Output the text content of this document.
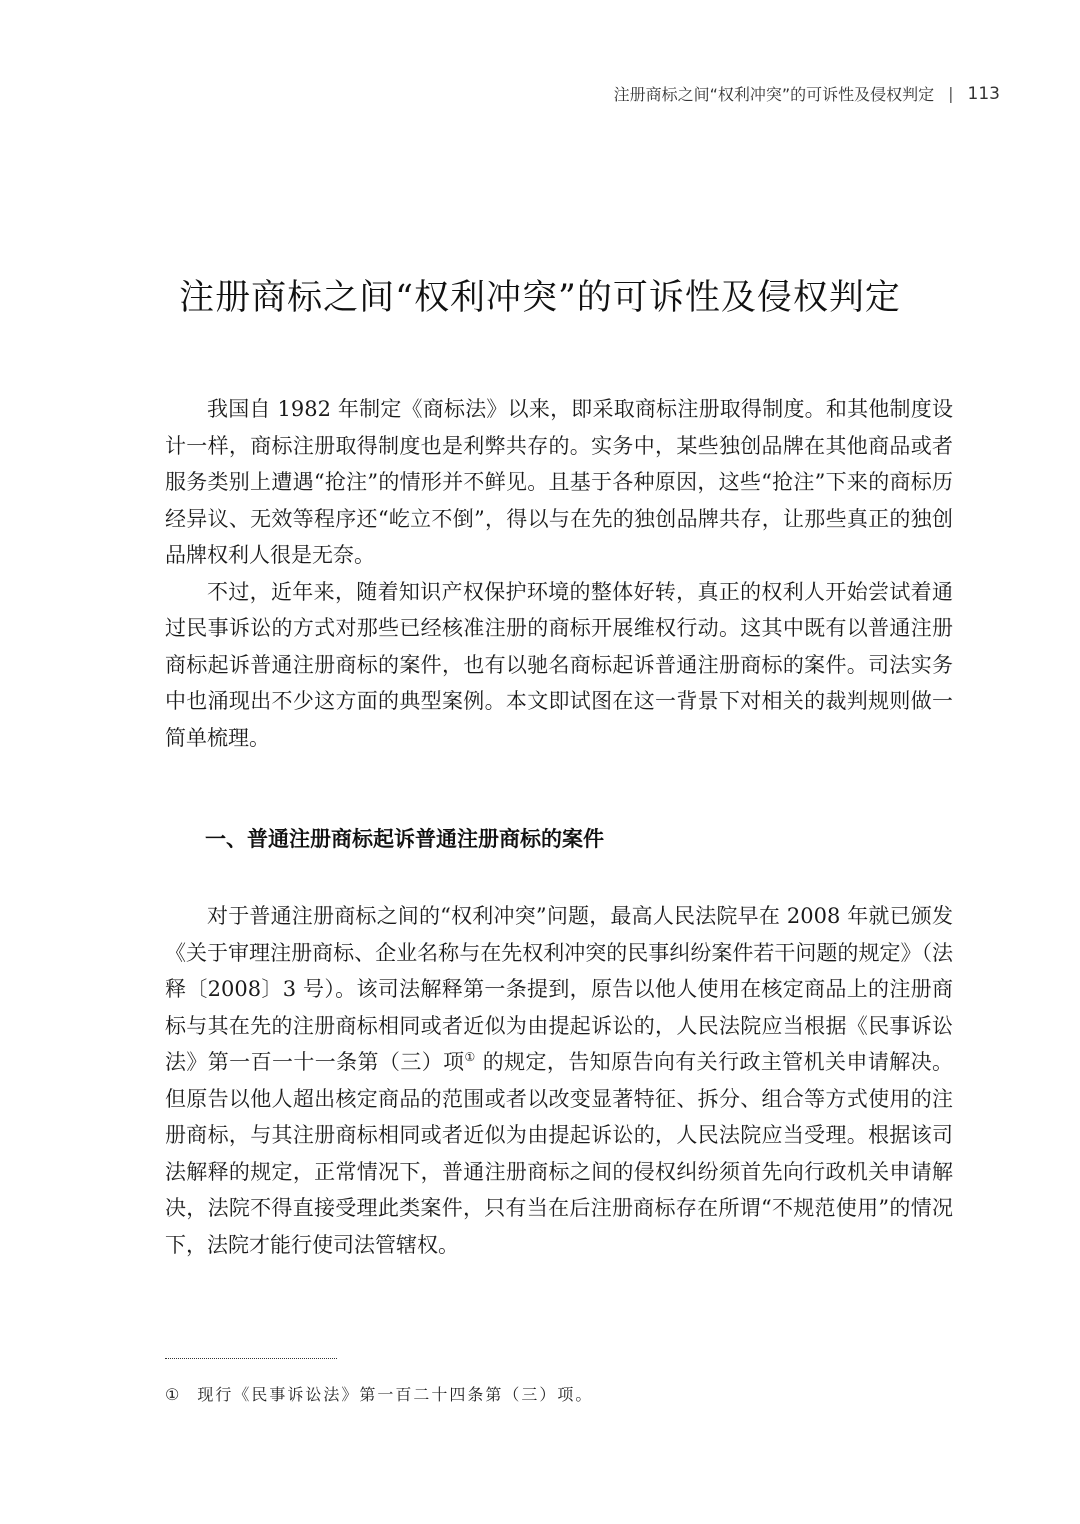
注册商标之间“权利冲突”的可诉性及侵权判定 | 113
注册商标之间“权利冲突”的可诉性及侵权判定

我国自 1982 年制定《商标法》以来，即采取商标注册取得制度。和其他制度设计一样，商标注册取得制度也是利弊共存的。实务中，某些独创品牌在其他商品或者服务类别上遭遇“抢注”的情形并不鲜见。且基于各种原因，这些“抢注”下来的商标历经异议、无效等程序还“屹立不倒”，得以与在先的独创品牌共存，让那些真正的独创品牌权利人很是无奈。

不过，近年来，随着知识产权保护环境的整体好转，真正的权利人开始尝试着通过民事诉讼的方式对那些已经核准注册的商标开展维权行动。这其中既有以普通注册商标起诉普通注册商标的案件，也有以驰名商标起诉普通注册商标的案件。司法实务中也涌现出不少这方面的典型案例。本文即试图在这一背景下对相关的裁判规则做一简单梳理。

一、普通注册商标起诉普通注册商标的案件

对于普通注册商标之间的“权利冲突”问题，最高人民法院早在 2008 年就已颁发《关于审理注册商标、企业名称与在先权利冲突的民事纠纷案件若干问题的规定》（法释〔2008〕3 号）。该司法解释第一条提到，原告以他人使用在核定商品上的注册商标与其在先的注册商标相同或者近似为由提起诉讼的，人民法院应当根据《民事诉讼法》第一百一十一条第（三）项① 的规定，告知原告向有关行政主管机关申请解决。但原告以他人超出核定商品的范围或者以改变显著特征、拆分、组合等方式使用的注册商标，与其注册商标相同或者近似为由提起诉讼的，人民法院应当受理。根据该司法解释的规定，正常情况下，普通注册商标之间的侵权纠纷须首先向行政机关申请解决，法院不得直接受理此类案件，只有当在后注册商标存在所谓“不规范使用”的情况下，法院才能行使司法管辖权。

① 现行《民事诉讼法》第一百二十四条第（三）项。
